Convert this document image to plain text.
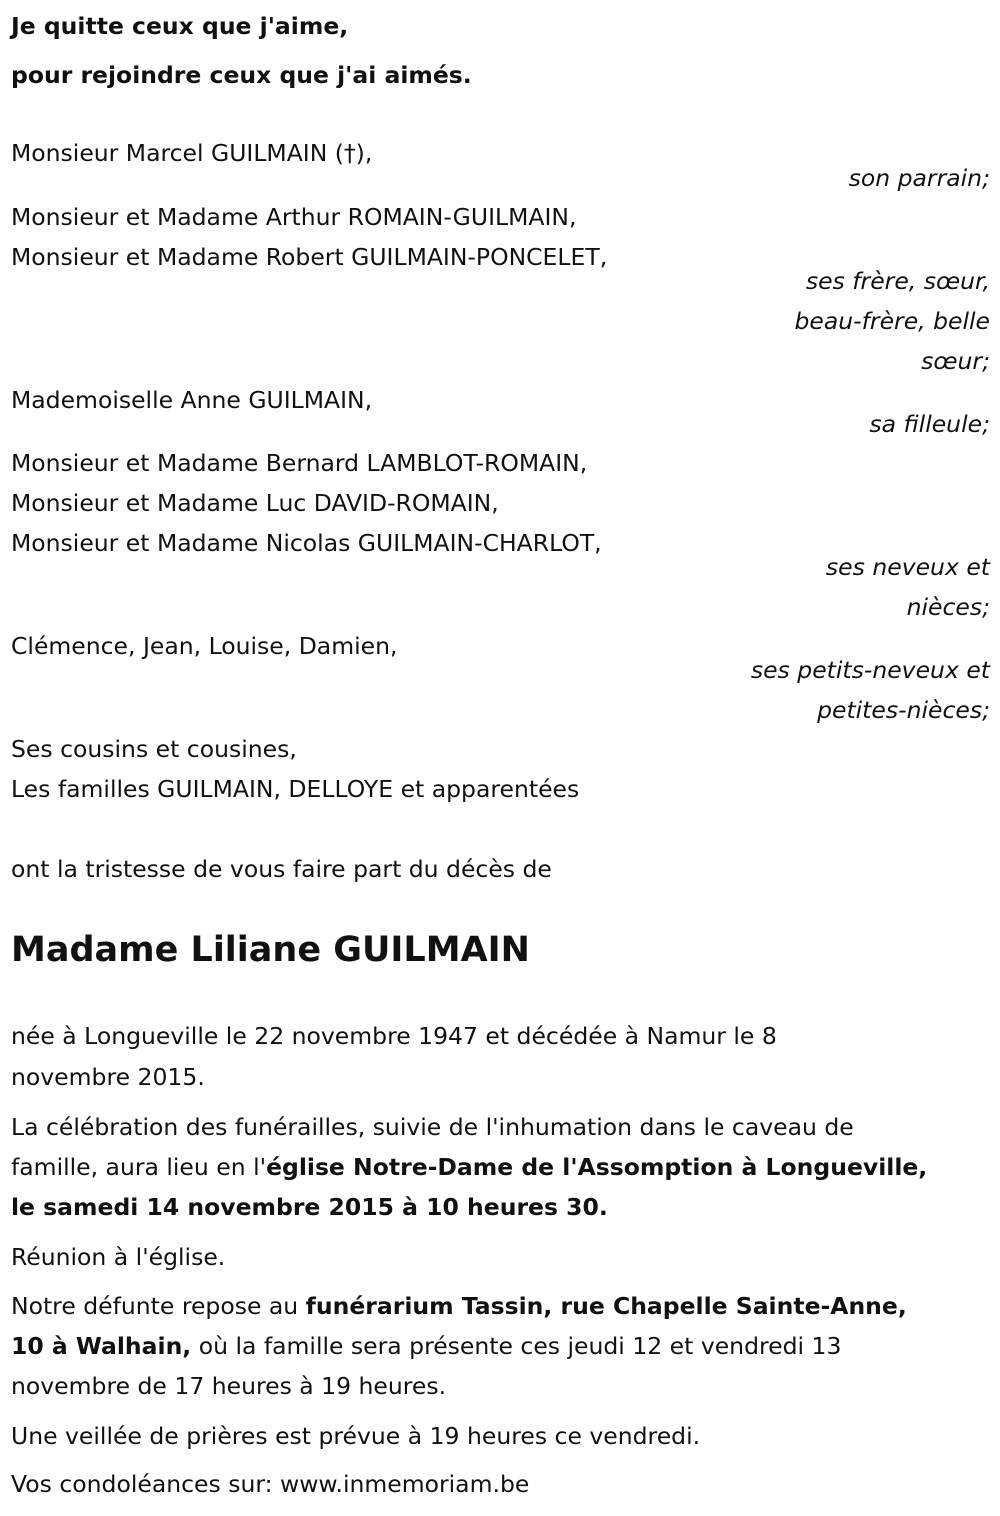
Je quitte ceux que j'aime,
pour rejoindre ceux que j'ai aimés.
Monsieur Marcel GUILMAIN (†),
son parrain;
Monsieur et Madame Arthur ROMAIN-GUILMAIN,
Monsieur et Madame Robert GUILMAIN-PONCELET,
ses frère, sœur,
beau-frère, belle
sœur;
Mademoiselle Anne GUILMAIN,
sa filleule;
Monsieur et Madame Bernard LAMBLOT-ROMAIN,
Monsieur et Madame Luc DAVID-ROMAIN,
Monsieur et Madame Nicolas GUILMAIN-CHARLOT,
ses neveux et
nièces;
Clémence, Jean, Louise, Damien,
ses petits-neveux et
petites-nièces;
Ses cousins et cousines,
Les familles GUILMAIN, DELLOYE et apparentées
ont la tristesse de vous faire part du décès de
Madame Liliane GUILMAIN
née à Longueville le 22 novembre 1947 et décédée à Namur le 8
novembre 2015.
La célébration des funérailles, suivie de l'inhumation dans le caveau de
famille, aura lieu en l'église Notre-Dame de l'Assomption à Longueville,
le samedi 14 novembre 2015 à 10 heures 30.
Réunion à l'église.
Notre défunte repose au funérarium Tassin, rue Chapelle Sainte-Anne,
10 à Walhain, où la famille sera présente ces jeudi 12 et vendredi 13
novembre de 17 heures à 19 heures.
Une veillée de prières est prévue à 19 heures ce vendredi.
Vos condoléances sur: www.inmemoriam.be
